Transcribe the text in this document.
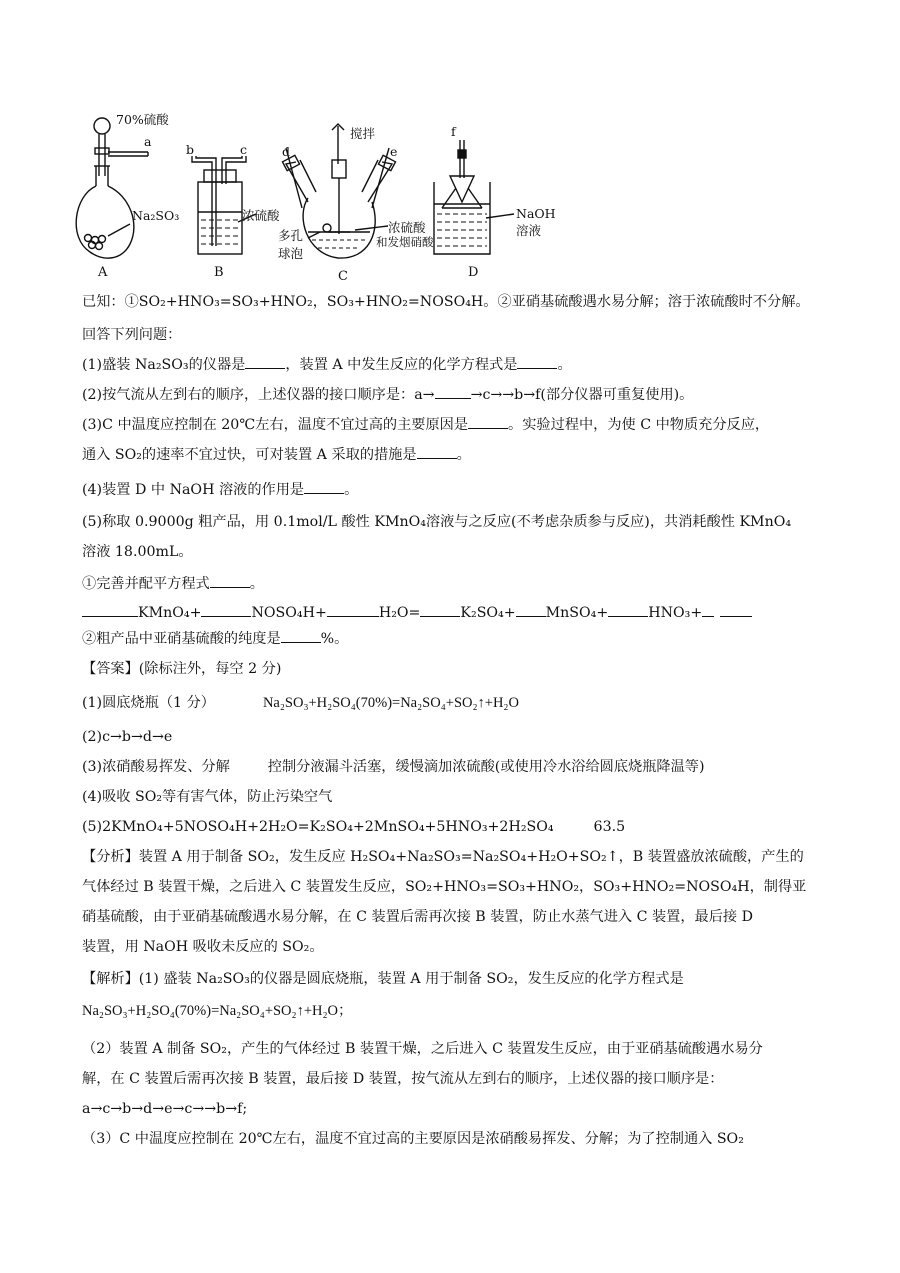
70%硫酸
a
Na₂SO₃
b	c
浓硫酸
d	e
搅拌
多孔
球泡
浓硫酸
和发烟硝酸
f
NaOH
溶液
A	B	C	D
已知：①SO₂+HNO₃=SO₃+HNO₂，SO₃+HNO₂=NOSO₄H。②亚硝基硫酸遇水易分解；溶于浓硫酸时不分解。
回答下列问题：
(1)盛装 Na₂SO₃的仪器是	，装置 A 中发生反应的化学方程式是	。
(2)按气流从左到右的顺序，上述仪器的接口顺序是：a→	→c→→b→f(部分仪器可重复使用)。
(3)C 中温度应控制在 20℃左右，温度不宜过高的主要原因是	。实验过程中，为使 C 中物质充分反应，
通入 SO₂的速率不宜过快，可对装置 A 采取的措施是	。
(4)装置 D 中 NaOH 溶液的作用是	。
(5)称取 0.9000g 粗产品，用 0.1mol/L 酸性 KMnO₄溶液与之反应(不考虑杂质参与反应)，共消耗酸性 KMnO₄
溶液 18.00mL。
①完善并配平方程式	。
KMnO₄+	NOSO₄H+	H₂O=	K₂SO₄+ MnSO₄+	HNO₃+
②粗产品中亚硝基硫酸的纯度是	%。
【答案】(除标注外，每空 2 分)
(1)圆底烧瓶（1 分）	Na₂SO₃+H₂SO₄(70%)=Na₂SO₄+SO₂↑+H₂O
(2)c→b→d→e
(3)浓硝酸易挥发、分解	控制分液漏斗活塞，缓慢滴加浓硫酸(或使用冷水浴给圆底烧瓶降温等)
(4)吸收 SO₂等有害气体，防止污染空气
(5)2KMnO₄+5NOSO₄H+2H₂O=K₂SO₄+2MnSO₄+5HNO₃+2H₂SO₄	63.5
【分析】装置 A 用于制备 SO₂，发生反应 H₂SO₄+Na₂SO₃=Na₂SO₄+H₂O+SO₂↑，B 装置盛放浓硫酸，产生的
气体经过 B 装置干燥，之后进入 C 装置发生反应，SO₂+HNO₃=SO₃+HNO₂，SO₃+HNO₂=NOSO₄H，制得亚
硝基硫酸，由于亚硝基硫酸遇水易分解，在 C 装置后需再次接 B 装置，防止水蒸气进入 C 装置，最后接 D
装置，用 NaOH 吸收未反应的 SO₂。
【解析】(1) 盛装 Na₂SO₃的仪器是圆底烧瓶，装置 A 用于制备 SO₂，发生反应的化学方程式是
Na₂SO₃+H₂SO₄(70%)=Na₂SO₄+SO₂↑+H₂O；
（2）装置 A 制备 SO₂，产生的气体经过 B 装置干燥，之后进入 C 装置发生反应，由于亚硝基硫酸遇水易分
解，在 C 装置后需再次接 B 装置，最后接 D 装置，按气流从左到右的顺序，上述仪器的接口顺序是：
a→c→b→d→e→c→→b→f;
（3）C 中温度应控制在 20℃左右，温度不宜过高的主要原因是浓硝酸易挥发、分解；为了控制通入 SO₂
